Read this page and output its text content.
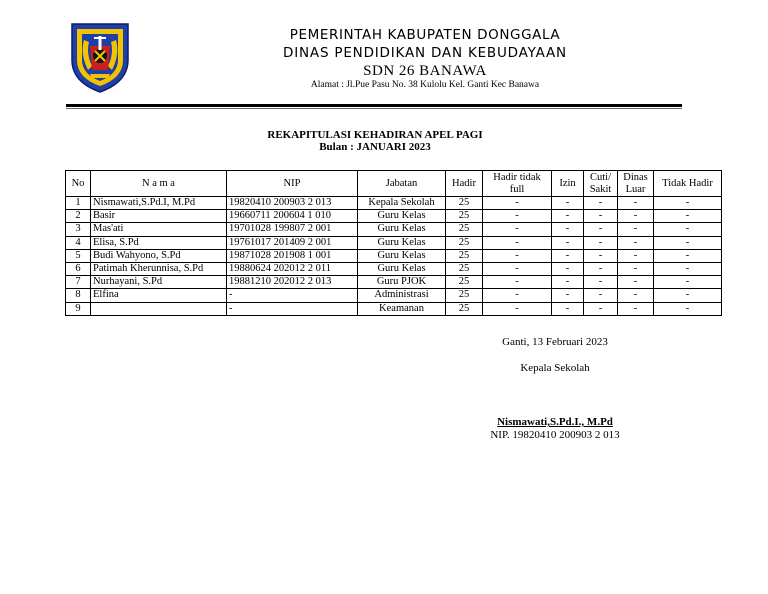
PEMERINTAH KABUPATEN DONGGALA
DINAS PENDIDIKAN DAN KEBUDAYAAN
SDN 26 BANAWA
Alamat : Jl.Pue Pasu No. 38 Kulolu Kel. Ganti Kec Banawa
REKAPITULASI KEHADIRAN APEL PAGI
Bulan : JANUARI 2023
No	N a m a	NIP	Jabatan	Hadir	Hadir tidak full	Izin	Cuti/ Sakit	Dinas Luar	Tidak Hadir
1	Nismawati,S.Pd.I, M.Pd	19820410 200903 2 013	Kepala Sekolah	25	-	-	-	-	-
2	Basir	19660711 200604 1 010	Guru Kelas	25	-	-	-	-	-
3	Mas'ati	19701028 199807 2 001	Guru Kelas	25	-	-	-	-	-
4	Elisa, S.Pd	19761017 201409 2 001	Guru Kelas	25	-	-	-	-	-
5	Budi Wahyono, S.Pd	19871028 201908 1 001	Guru Kelas	25	-	-	-	-	-
6	Patimah Kherunnisa, S.Pd	19880624 202012 2 011	Guru Kelas	25	-	-	-	-	-
7	Nurhayani, S.Pd	19881210 202012 2 013	Guru PJOK	25	-	-	-	-	-
8	Elfina	-	Administrasi	25	-	-	-	-	-
9		-	Keamanan	25	-	-	-	-	-
Ganti, 13 Februari 2023
Kepala Sekolah
Nismawati,S.Pd.I., M.Pd
NIP. 19820410 200903 2 013
